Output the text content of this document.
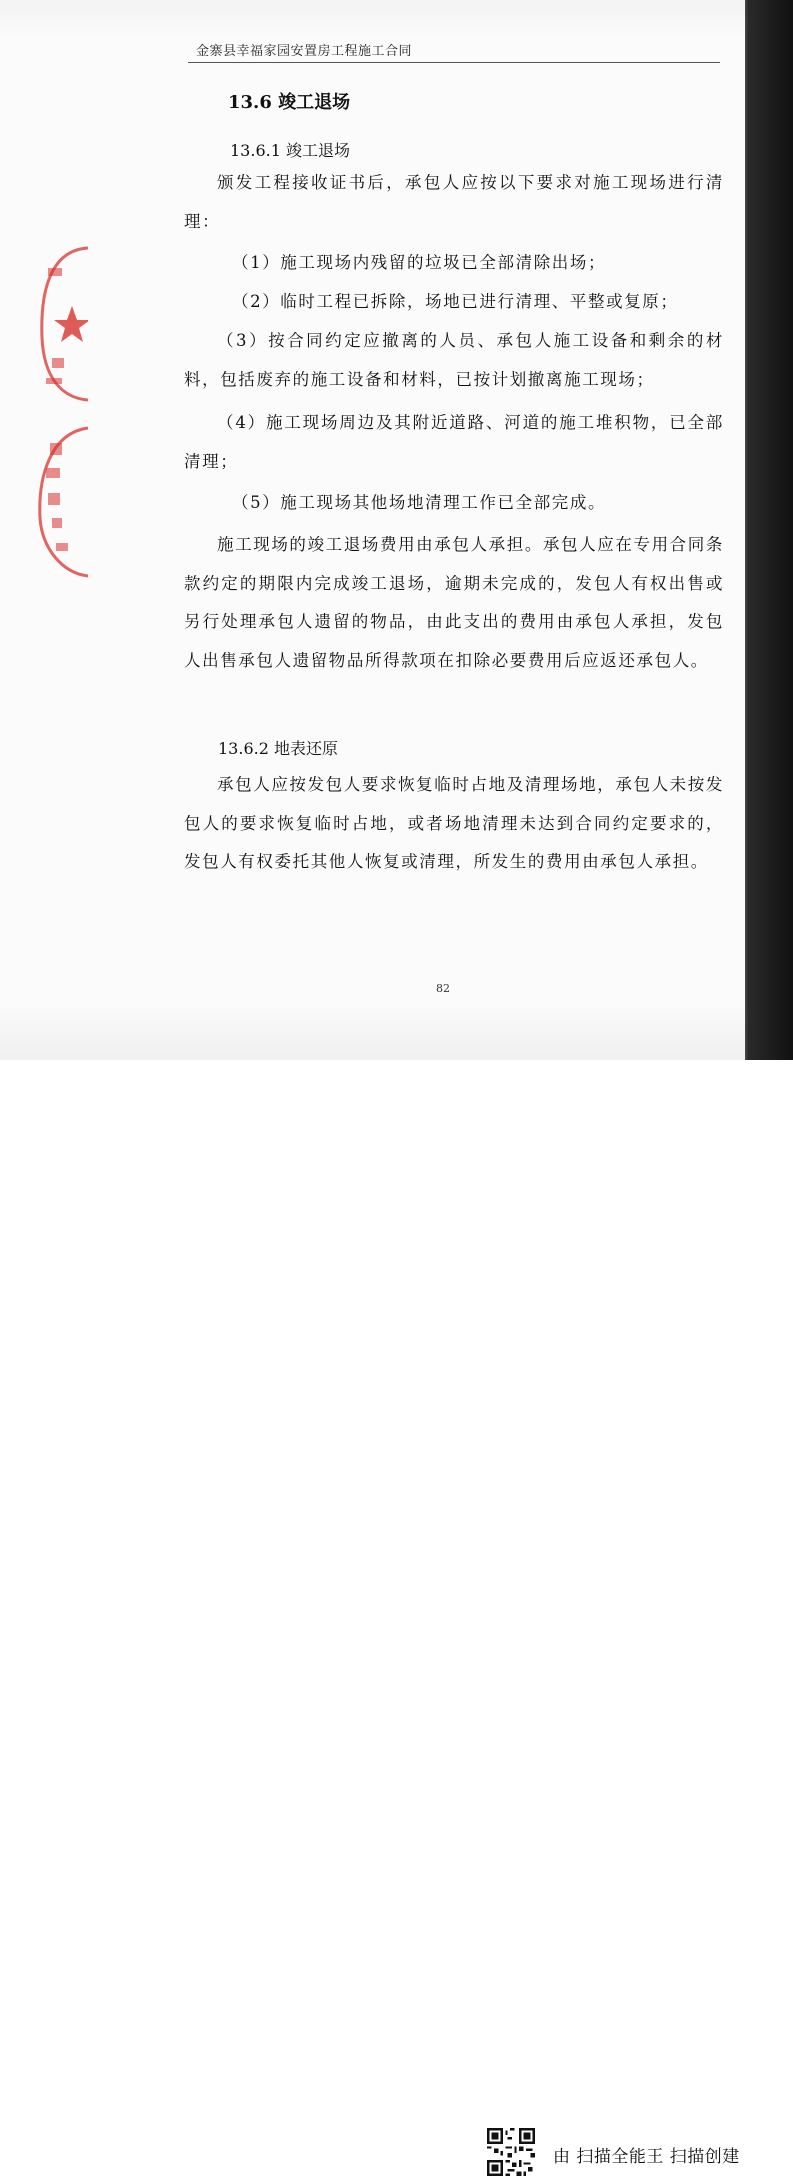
金寨县幸福家园安置房工程施工合同
13.6 竣工退场
13.6.1 竣工退场

颁发工程接收证书后，承包人应按以下要求对施工现场进行清理：

（1）施工现场内残留的垃圾已全部清除出场；
（2）临时工程已拆除，场地已进行清理、平整或复原；

（3）按合同约定应撤离的人员、承包人施工设备和剩余的材料，包括废弃的施工设备和材料，已按计划撤离施工现场；

（4）施工现场周边及其附近道路、河道的施工堆积物，已全部清理；

（5）施工现场其他场地清理工作已全部完成。

施工现场的竣工退场费用由承包人承担。承包人应在专用合同条款约定的期限内完成竣工退场，逾期未完成的，发包人有权出售或另行处理承包人遗留的物品，由此支出的费用由承包人承担，发包人出售承包人遗留物品所得款项在扣除必要费用后应返还承包人。

13.6.2 地表还原

承包人应按发包人要求恢复临时占地及清理场地，承包人未按发包人的要求恢复临时占地，或者场地清理未达到合同约定要求的，发包人有权委托其他人恢复或清理，所发生的费用由承包人承担。

82
由 扫描全能王 扫描创建
